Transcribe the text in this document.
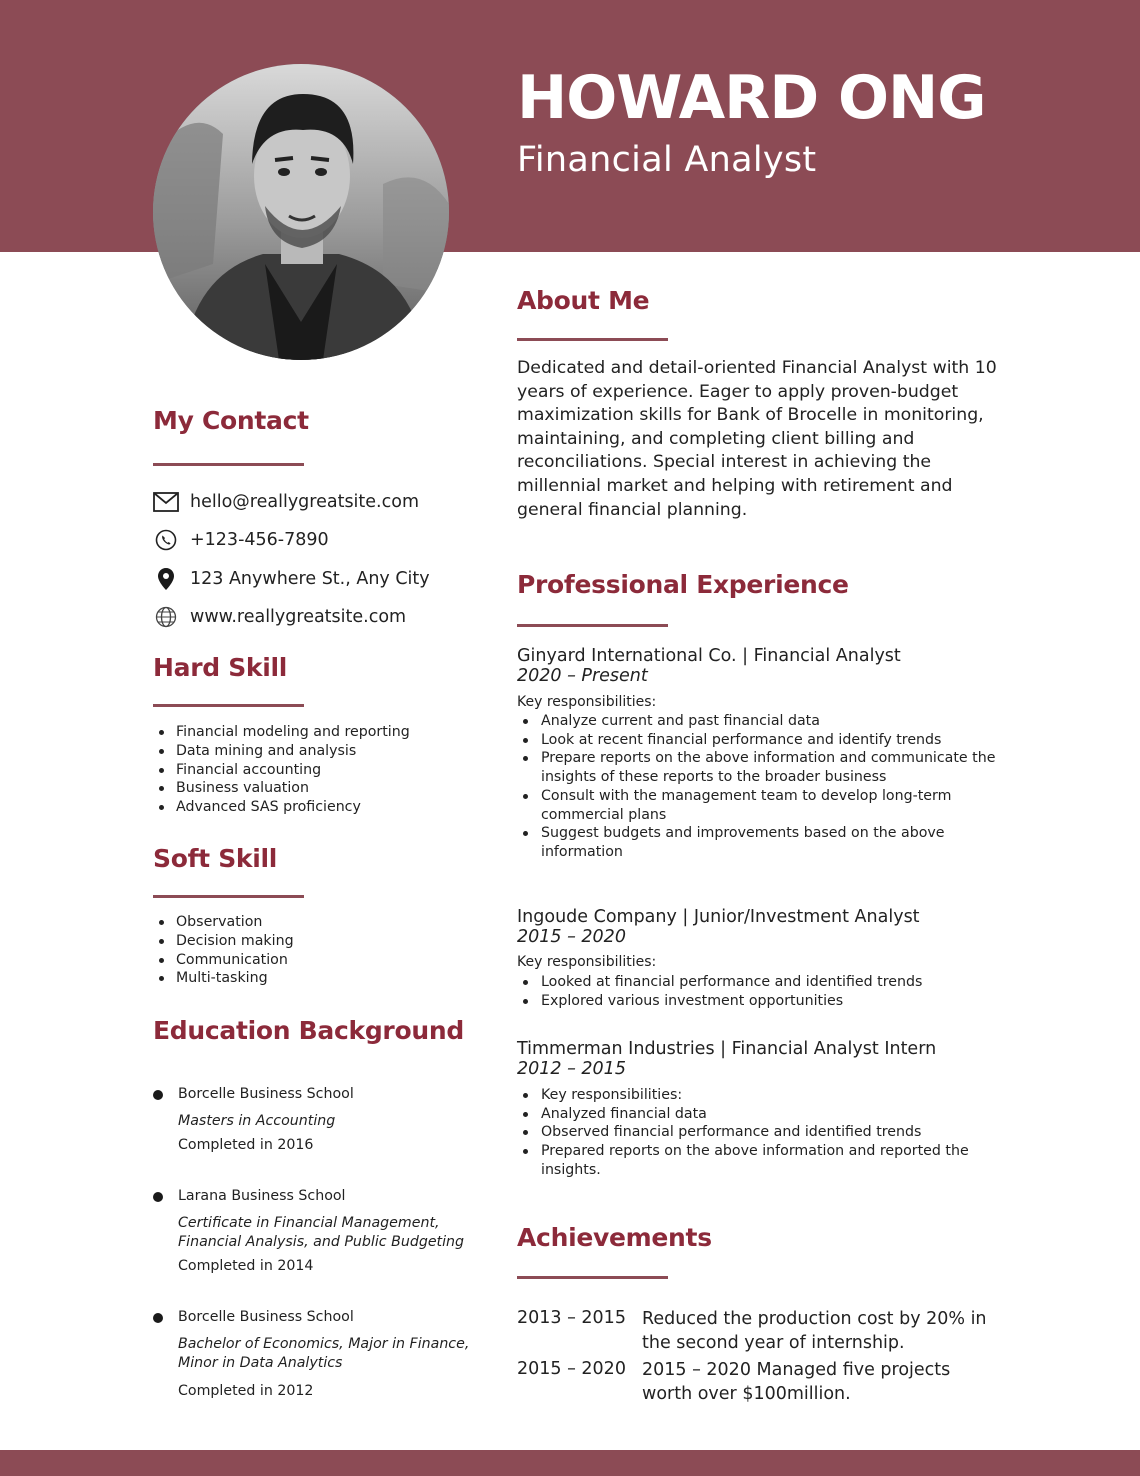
HOWARD ONG
Financial Analyst
My Contact
hello@reallygreatsite.com
+123-456-7890
123 Anywhere St., Any City
www.reallygreatsite.com
Hard Skill
Financial modeling and reporting
Data mining and analysis
Financial accounting
Business valuation
Advanced SAS proficiency
Soft Skill
Observation
Decision making
Communication
Multi-tasking
Education Background
Borcelle Business School
Masters in Accounting
Completed in 2016
Larana Business School
Certificate in Financial Management,
Financial Analysis, and Public Budgeting
Completed in 2014
Borcelle Business School
Bachelor of Economics, Major in Finance,
Minor in Data Analytics
Completed in 2012
About Me
Dedicated and detail-oriented Financial Analyst with 10 years of experience. Eager to apply proven-budget maximization skills for Bank of Brocelle in monitoring, maintaining, and completing client billing and reconciliations. Special interest in achieving the millennial market and helping with retirement and general financial planning.
Professional Experience
Ginyard International Co. | Financial Analyst
2020 – Present
Key responsibilities:
Analyze current and past financial data
Look at recent financial performance and identify trends
Prepare reports on the above information and communicate the insights of these reports to the broader business
Consult with the management team to develop long-term commercial plans
Suggest budgets and improvements based on the above information
Ingoude Company | Junior/Investment Analyst
2015 – 2020
Key responsibilities:
Looked at financial performance and identified trends
Explored various investment opportunities
Timmerman Industries | Financial Analyst Intern
2012 – 2015
Key responsibilities:
Analyzed financial data
Observed financial performance and identified trends
Prepared reports on the above information and reported the insights.
Achievements
2013 – 2015 Reduced the production cost by 20% in the second year of internship.
2015 – 2020 2015 – 2020 Managed five projects worth over $100million.
